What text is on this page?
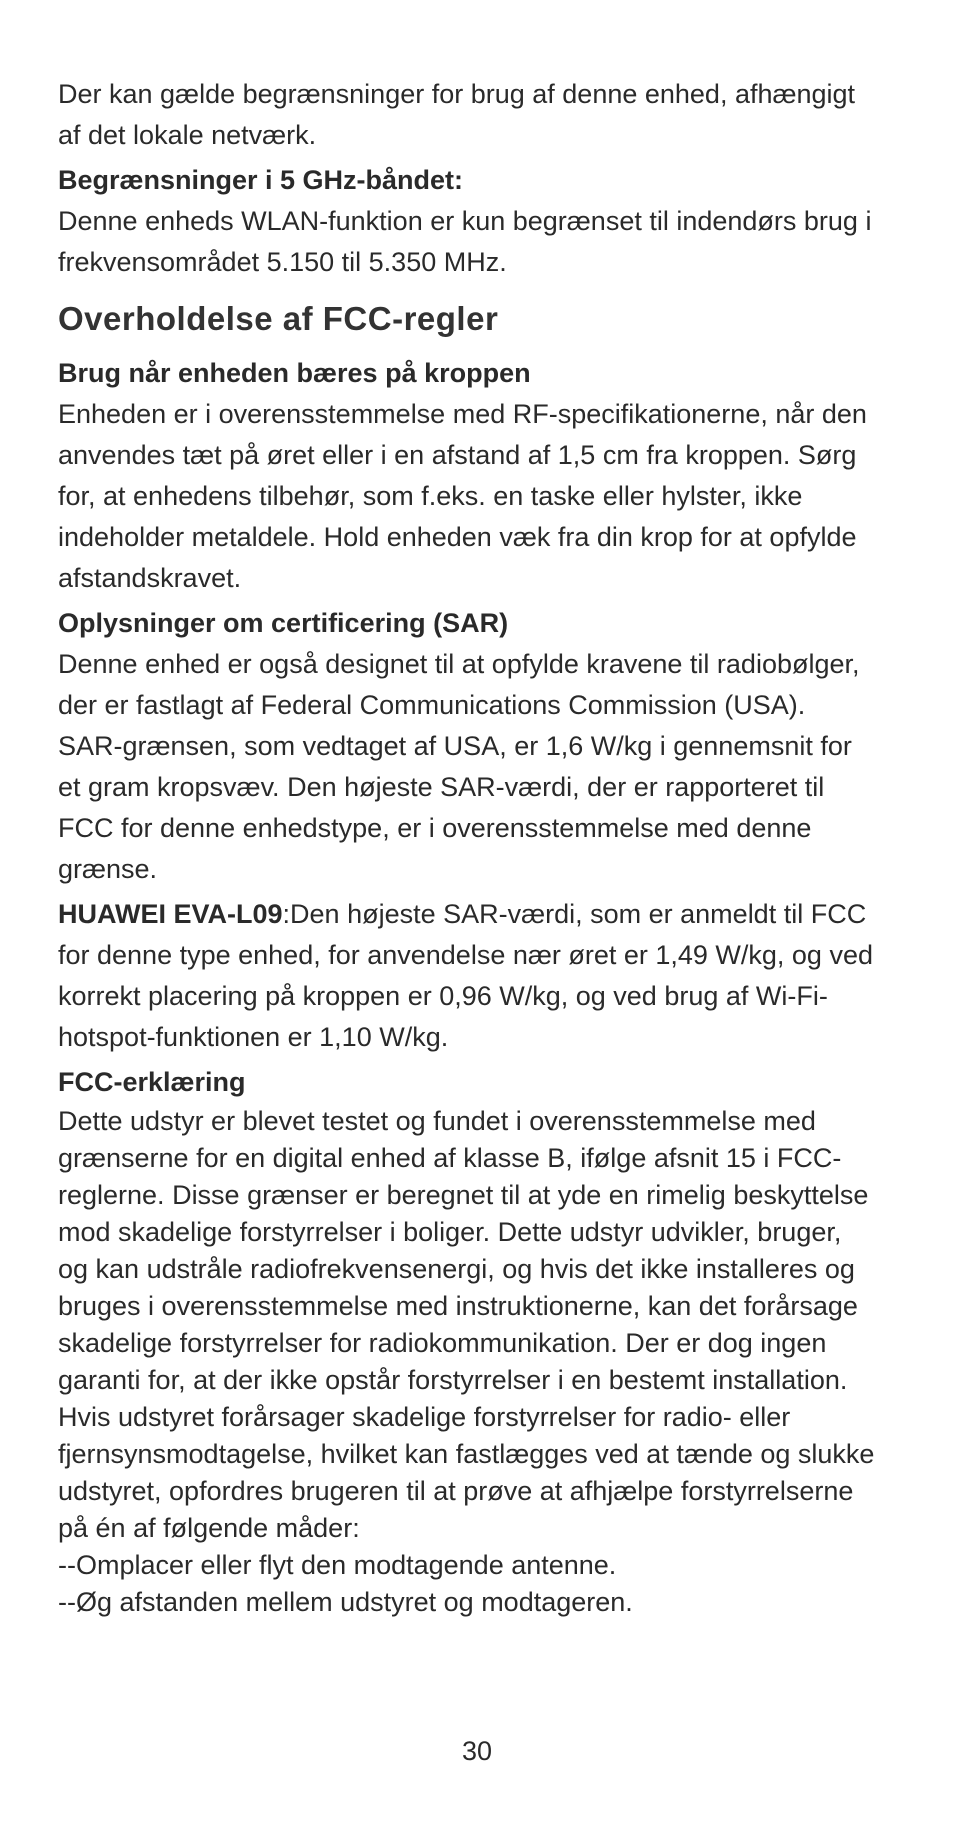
Der kan gælde begrænsninger for brug af denne enhed, afhængigt af det lokale netværk.

Begrænsninger i 5 GHz-båndet:

Denne enheds WLAN-funktion er kun begrænset til indendørs brug i frekvensområdet 5.150 til 5.350 MHz.

Overholdelse af FCC-regler
Brug når enheden bæres på kroppen

Enheden er i overensstemmelse med RF-specifikationerne, når den anvendes tæt på øret eller i en afstand af 1,5 cm fra kroppen. Sørg for, at enhedens tilbehør, som f.eks. en taske eller hylster, ikke indeholder metaldele. Hold enheden væk fra din krop for at opfylde afstandskravet.

Oplysninger om certificering (SAR)

Denne enhed er også designet til at opfylde kravene til radiobølger, der er fastlagt af Federal Communications Commission (USA).

SAR-grænsen, som vedtaget af USA, er 1,6 W/kg i gennemsnit for et gram kropsvæv. Den højeste SAR-værdi, der er rapporteret til FCC for denne enhedstype, er i overensstemmelse med denne grænse.

HUAWEI EVA-L09:Den højeste SAR-værdi, som er anmeldt til FCC for denne type enhed, for anvendelse nær øret er 1,49 W/kg, og ved korrekt placering på kroppen er 0,96 W/kg, og ved brug af Wi-Fi-hotspot-funktionen er 1,10 W/kg.

FCC-erklæring

Dette udstyr er blevet testet og fundet i overensstemmelse med grænserne for en digital enhed af klasse B, ifølge afsnit 15 i FCC-reglerne. Disse grænser er beregnet til at yde en rimelig beskyttelse mod skadelige forstyrrelser i boliger. Dette udstyr udvikler, bruger, og kan udstråle radiofrekvensenergi, og hvis det ikke installeres og bruges i overensstemmelse med instruktionerne, kan det forårsage skadelige forstyrrelser for radiokommunikation. Der er dog ingen garanti for, at der ikke opstår forstyrrelser i en bestemt installation. Hvis udstyret forårsager skadelige forstyrrelser for radio- eller fjernsynsmodtagelse, hvilket kan fastlægges ved at tænde og slukke udstyret, opfordres brugeren til at prøve at afhjælpe forstyrrelserne på én af følgende måder:

--Omplacer eller flyt den modtagende antenne.

--Øg afstanden mellem udstyret og modtageren.

30
